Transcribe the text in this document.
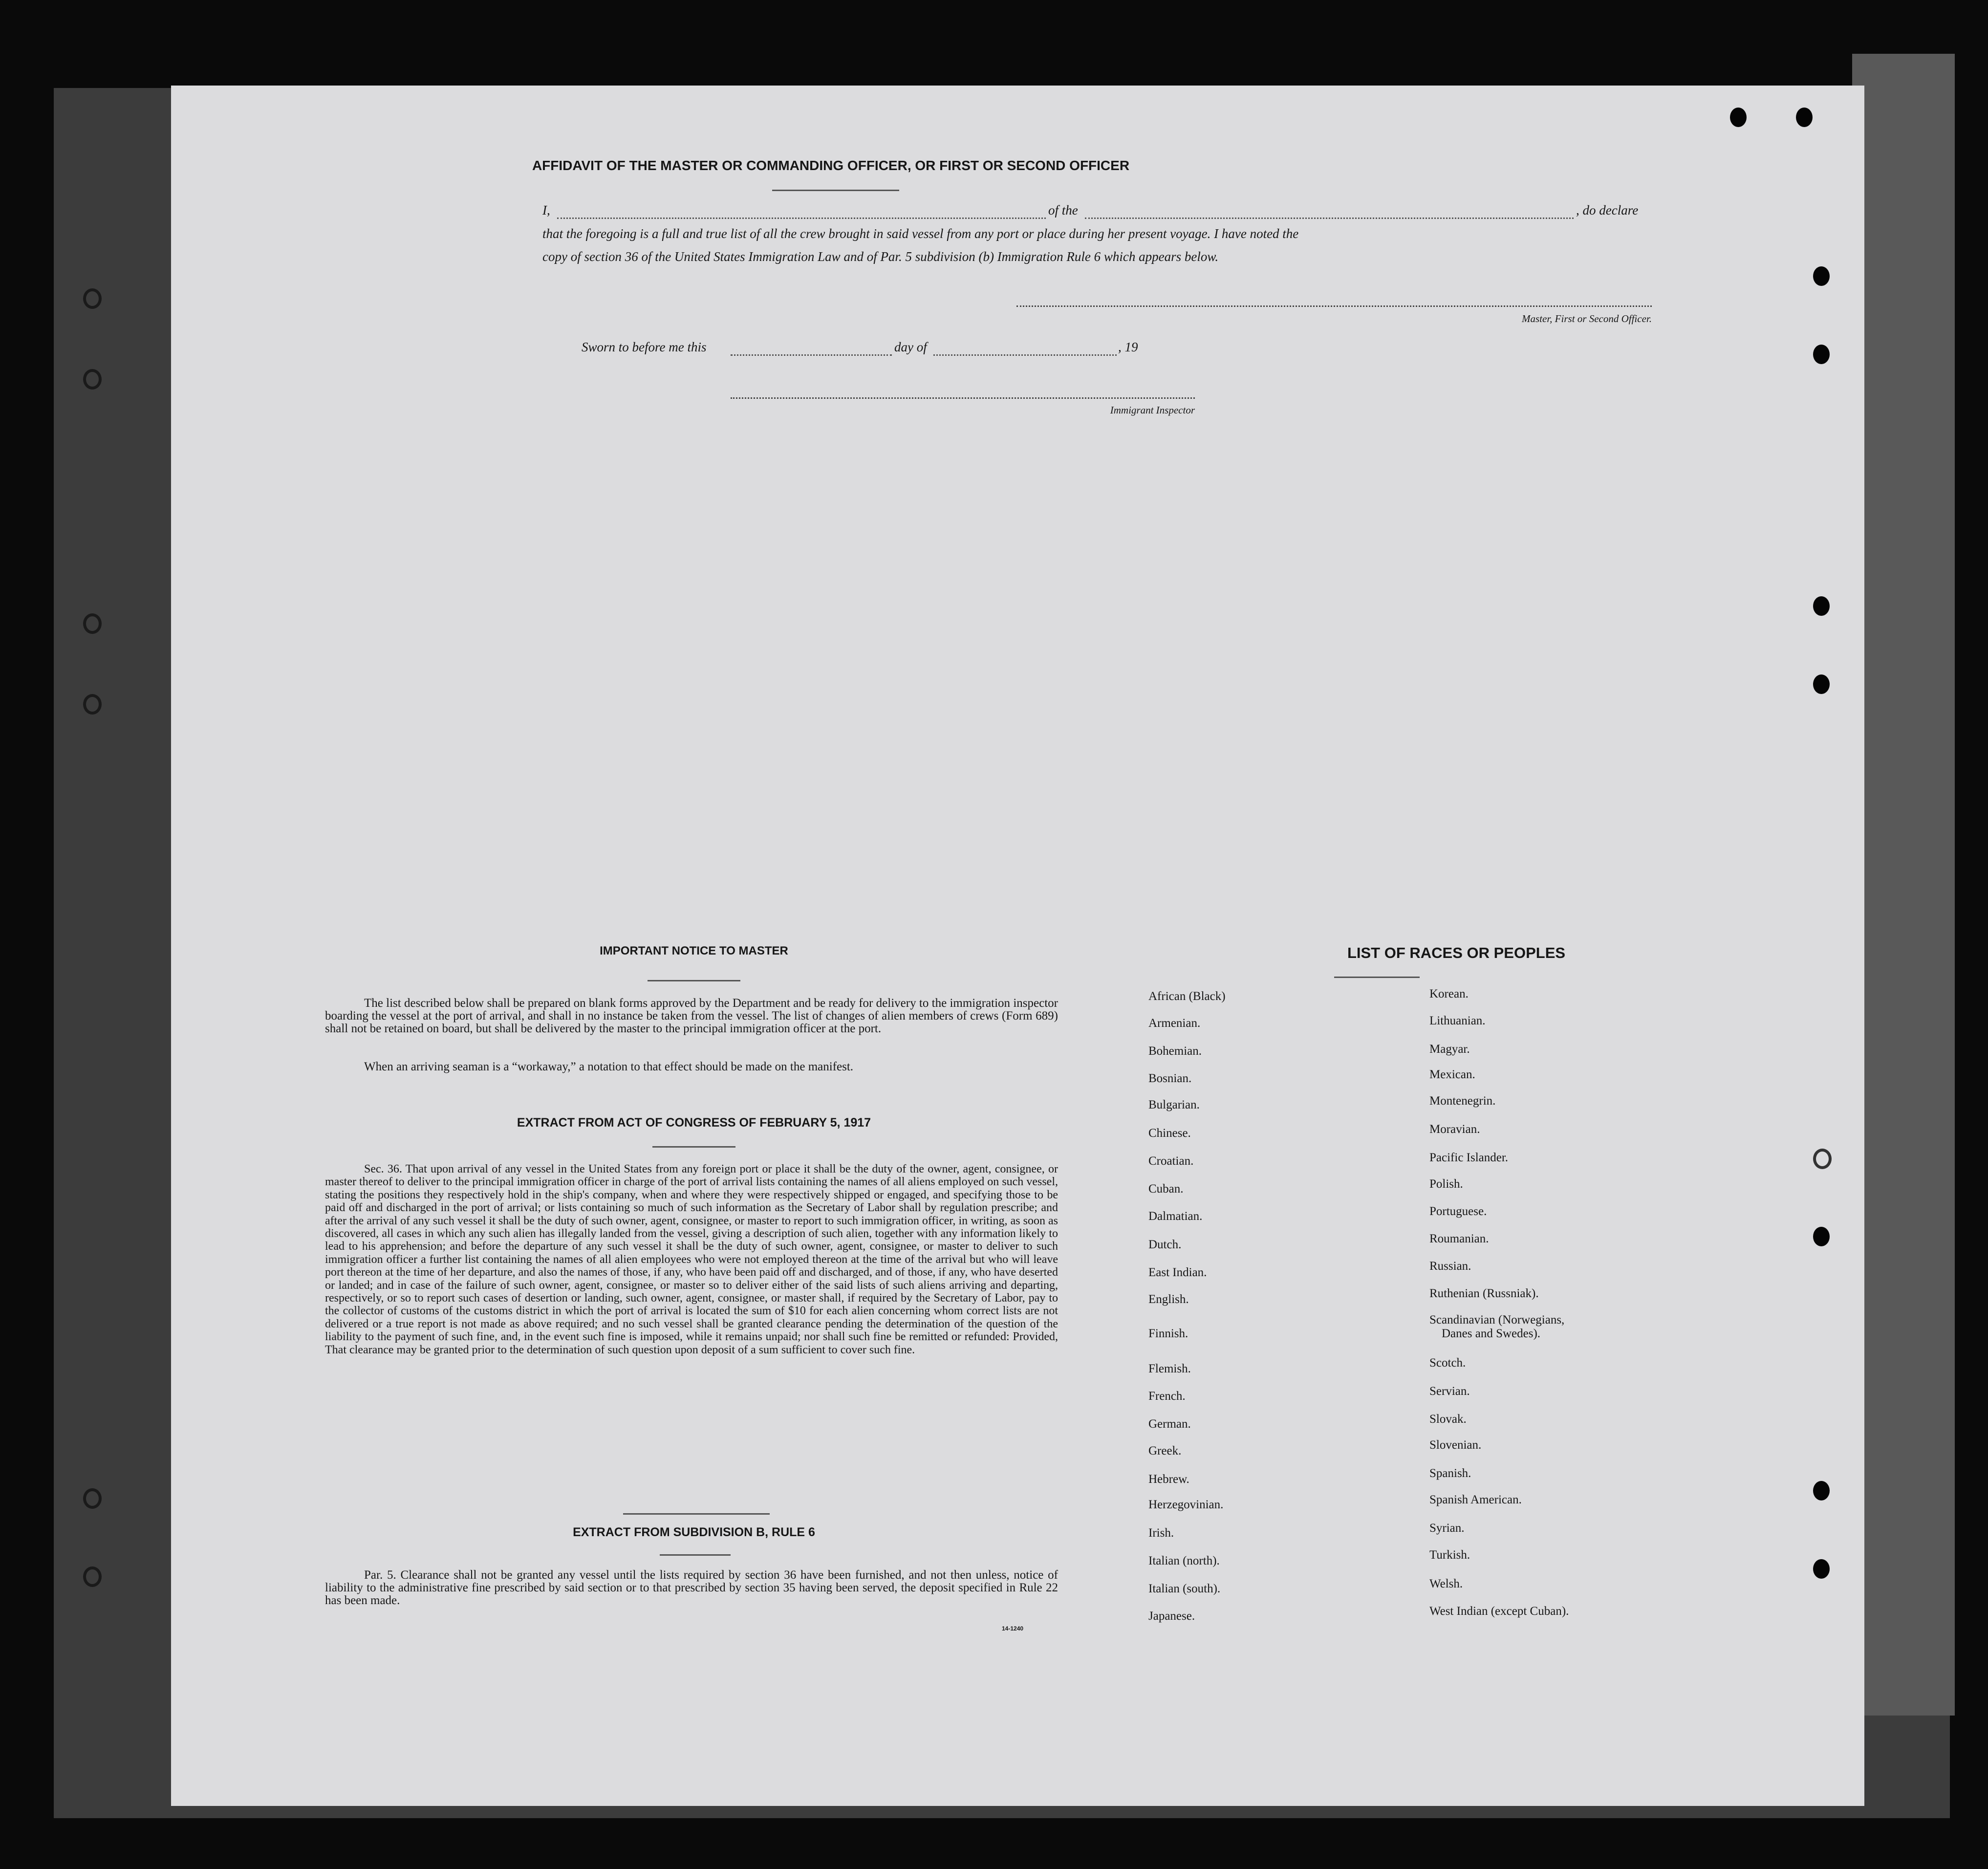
AFFIDAVIT OF THE MASTER OR COMMANDING OFFICER, OR FIRST OR SECOND OFFICER
I,	of the	, do declare
that the foregoing is a full and true list of all the crew brought in said vessel from any port or place during her present voyage. I have noted the
copy of section 36 of the United States Immigration Law and of Par. 5 subdivision (b) Immigration Rule 6 which appears below.
Master, First or Second Officer.
Sworn to before me this	day of	, 19
Immigrant Inspector
IMPORTANT NOTICE TO MASTER
The list described below shall be prepared on blank forms approved by the Department and be ready for delivery to the immigration inspector boarding the vessel at the port of arrival, and shall in no instance be taken from the vessel. The list of changes of alien members of crews (Form 689) shall not be retained on board, but shall be delivered by the master to the principal immigration officer at the port.
When an arriving seaman is a “workaway,” a notation to that effect should be made on the manifest.
EXTRACT FROM ACT OF CONGRESS OF FEBRUARY 5, 1917
Sec. 36. That upon arrival of any vessel in the United States from any foreign port or place it shall be the duty of the owner, agent, consignee, or master thereof to deliver to the principal immigration officer in charge of the port of arrival lists containing the names of all aliens employed on such vessel, stating the positions they respectively hold in the ship's company, when and where they were respectively shipped or engaged, and specifying those to be paid off and discharged in the port of arrival; or lists containing so much of such information as the Secretary of Labor shall by regulation prescribe; and after the arrival of any such vessel it shall be the duty of such owner, agent, consignee, or master to report to such immigration officer, in writing, as soon as discovered, all cases in which any such alien has illegally landed from the vessel, giving a description of such alien, together with any information likely to lead to his apprehension; and before the departure of any such vessel it shall be the duty of such owner, agent, consignee, or master to deliver to such immigration officer a further list containing the names of all alien employees who were not employed thereon at the time of the arrival but who will leave port thereon at the time of her departure, and also the names of those, if any, who have been paid off and discharged, and of those, if any, who have deserted or landed; and in case of the failure of such owner, agent, consignee, or master so to deliver either of the said lists of such aliens arriving and departing, respectively, or so to report such cases of desertion or landing, such owner, agent, consignee, or master shall, if required by the Secretary of Labor, pay to the collector of customs of the customs district in which the port of arrival is located the sum of $10 for each alien concerning whom correct lists are not delivered or a true report is not made as above required; and no such vessel shall be granted clearance pending the determination of the question of the liability to the payment of such fine, and, in the event such fine is imposed, while it remains unpaid; nor shall such fine be remitted or refunded: Provided, That clearance may be granted prior to the determination of such question upon deposit of a sum sufficient to cover such fine.
EXTRACT FROM SUBDIVISION B, RULE 6
Par. 5. Clearance shall not be granted any vessel until the lists required by section 36 have been furnished, and not then unless, notice of liability to the administrative fine prescribed by said section or to that prescribed by section 35 having been served, the deposit specified in Rule 22 has been made.
14-1240
LIST OF RACES OR PEOPLES
African (Black)
Armenian.
Bohemian.
Bosnian.
Bulgarian.
Chinese.
Croatian.
Cuban.
Dalmatian.
Dutch.
East Indian.
English.
Finnish.
Flemish.
French.
German.
Greek.
Hebrew.
Herzegovinian.
Irish.
Italian (north).
Italian (south).
Japanese.
Korean.
Lithuanian.
Magyar.
Mexican.
Montenegrin.
Moravian.
Pacific Islander.
Polish.
Portuguese.
Roumanian.
Russian.
Ruthenian (Russniak).
Scandinavian (Norwegians,
Danes and Swedes).
Scotch.
Servian.
Slovak.
Slovenian.
Spanish.
Spanish American.
Syrian.
Turkish.
Welsh.
West Indian (except Cuban).
